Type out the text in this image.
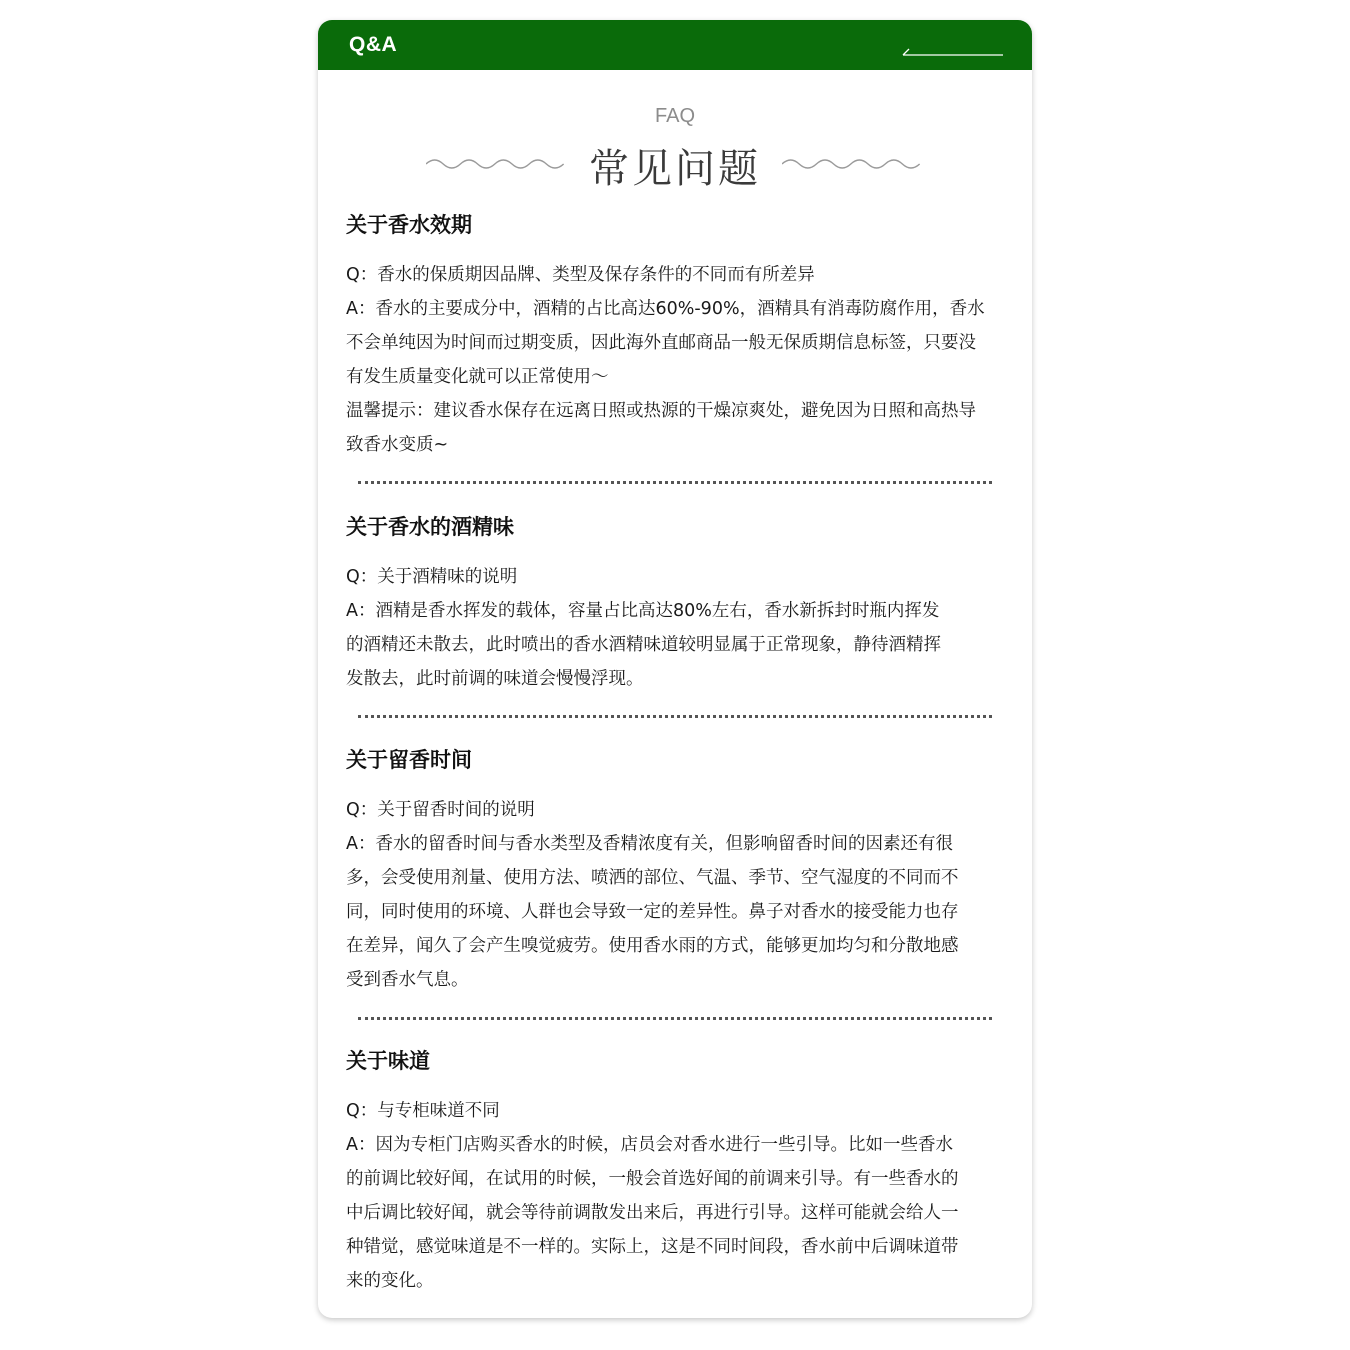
Q&A
FAQ
常见问题
关于香水效期

Q：香水的保质期因品牌、类型及保存条件的不同而有所差异

A：香水的主要成分中，酒精的占比高达60%-90%，酒精具有消毒防腐作用，香水

不会单纯因为时间而过期变质，因此海外直邮商品一般无保质期信息标签，只要没

有发生质量变化就可以正常使用～

温馨提示：建议香水保存在远离日照或热源的干燥凉爽处，避免因为日照和高热导

致香水变质~

关于香水的酒精味

Q：关于酒精味的说明

A：酒精是香水挥发的载体，容量占比高达80%左右，香水新拆封时瓶内挥发

的酒精还未散去，此时喷出的香水酒精味道较明显属于正常现象，静待酒精挥

发散去，此时前调的味道会慢慢浮现。

关于留香时间

Q：关于留香时间的说明

A：香水的留香时间与香水类型及香精浓度有关，但影响留香时间的因素还有很

多，会受使用剂量、使用方法、喷洒的部位、气温、季节、空气湿度的不同而不

同，同时使用的环境、人群也会导致一定的差异性。鼻子对香水的接受能力也存

在差异，闻久了会产生嗅觉疲劳。使用香水雨的方式，能够更加均匀和分散地感

受到香水气息。

关于味道

Q：与专柜味道不同

A：因为专柜门店购买香水的时候，店员会对香水进行一些引导。比如一些香水

的前调比较好闻，在试用的时候，一般会首选好闻的前调来引导。有一些香水的

中后调比较好闻，就会等待前调散发出来后，再进行引导。这样可能就会给人一

种错觉，感觉味道是不一样的。实际上，这是不同时间段，香水前中后调味道带

来的变化。
